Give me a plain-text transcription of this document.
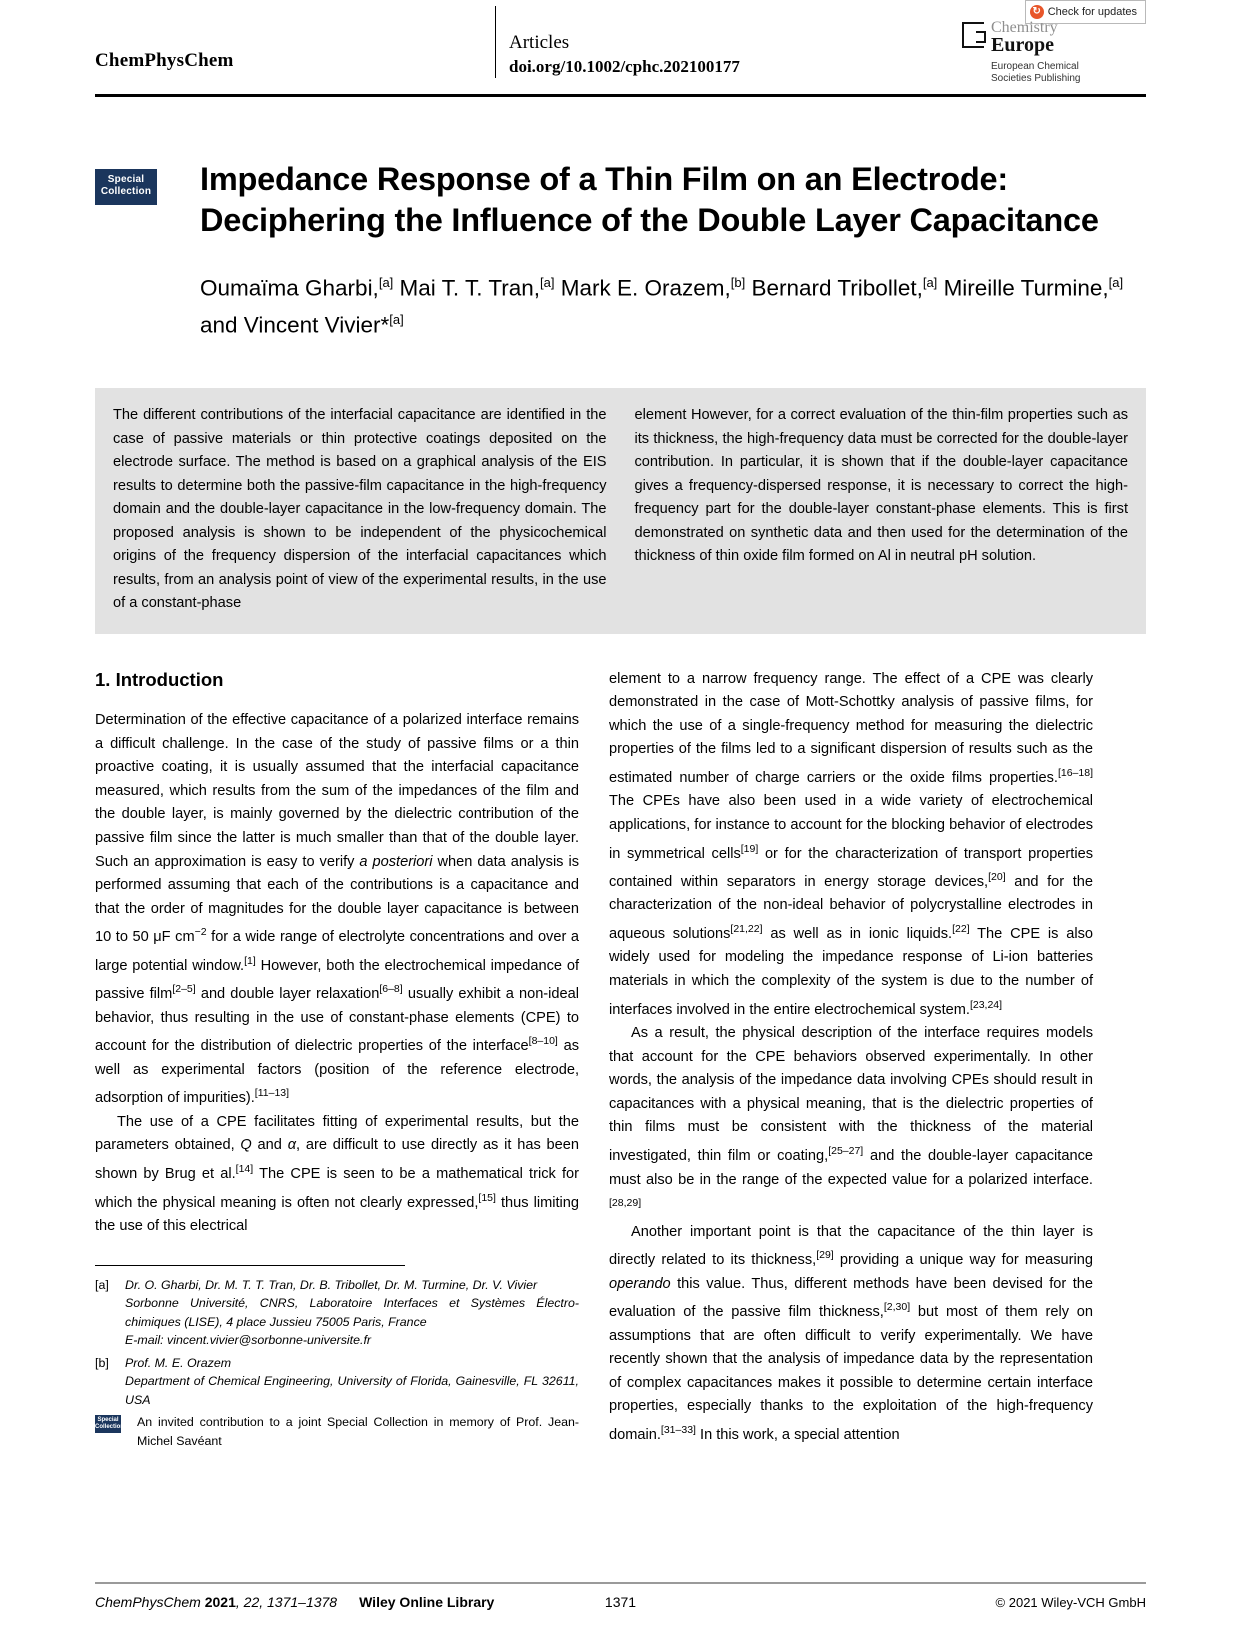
ChemPhysChem
Articles
doi.org/10.1002/cphc.202100177
↻ Check for updates
Chemistry
Europe
European Chemical
Societies Publishing
Special
Collection Impedance Response of a Thin Film on an Electrode:
Deciphering the Influence of the Double Layer Capacitance
Oumaïma Gharbi,[a] Mai T. T. Tran,[a] Mark E. Orazem,[b] Bernard Tribollet,[a] Mireille Turmine,[a] and Vincent Vivier*[a]
The different contributions of the interfacial capacitance are identified in the case of passive materials or thin protective coatings deposited on the electrode surface. The method is based on a graphical analysis of the EIS results to determine both the passive-film capacitance in the high-frequency domain and the double-layer capacitance in the low-frequency domain. The proposed analysis is shown to be independent of the physicochemical origins of the frequency dispersion of the interfacial capacitances which results, from an analysis point of view of the experimental results, in the use of a constant-phase
element However, for a correct evaluation of the thin-film properties such as its thickness, the high-frequency data must be corrected for the double-layer contribution. In particular, it is shown that if the double-layer capacitance gives a frequency-dispersed response, it is necessary to correct the high-frequency part for the double-layer constant-phase elements. This is first demonstrated on synthetic data and then used for the determination of the thickness of thin oxide film formed on Al in neutral pH solution.
1. Introduction

Determination of the effective capacitance of a polarized interface remains a difficult challenge. In the case of the study of passive films or a thin proactive coating, it is usually assumed that the interfacial capacitance measured, which results from the sum of the impedances of the film and the double layer, is mainly governed by the dielectric contribution of the passive film since the latter is much smaller than that of the double layer. Such an approximation is easy to verify a posteriori when data analysis is performed assuming that each of the contributions is a capacitance and that the order of magnitudes for the double layer capacitance is between 10 to 50 μF $cm^{-2}$ for a wide range of electrolyte concentrations and over a large potential window.[1] However, both the electrochemical impedance of passive film[2–5] and double layer relaxation[6–8] usually exhibit a non-ideal behavior, thus resulting in the use of constant-phase elements (CPE) to account for the distribution of dielectric properties of the interface[8–10] as well as experimental factors (position of the reference electrode, adsorption of impurities).[11–13]

The use of a CPE facilitates fitting of experimental results, but the parameters obtained, Q and α, are difficult to use directly as it has been shown by Brug et al.[14] The CPE is seen to be a mathematical trick for which the physical meaning is often not clearly expressed,[15] thus limiting the use of this electrical

[a]	Dr. O. Gharbi, Dr. M. T. T. Tran, Dr. B. Tribollet, Dr. M. Turmine, Dr. V. Vivier
Sorbonne Université, CNRS, Laboratoire Interfaces et Systèmes Électro-chimiques (LISE), 4 place Jussieu 75005 Paris, France
E-mail: vincent.vivier@sorbonne-universite.fr
[b]	Prof. M. E. Orazem
Department of Chemical Engineering, University of Florida, Gainesville, FL 32611, USA
Special
Collection An invited contribution to a joint Special Collection in memory of Prof. Jean-Michel Savéant

element to a narrow frequency range. The effect of a CPE was clearly demonstrated in the case of Mott-Schottky analysis of passive films, for which the use of a single-frequency method for measuring the dielectric properties of the films led to a significant dispersion of results such as the estimated number of charge carriers or the oxide films properties.[16–18] The CPEs have also been used in a wide variety of electrochemical applications, for instance to account for the blocking behavior of electrodes in symmetrical cells[19] or for the characterization of transport properties contained within separators in energy storage devices,[20] and for the characterization of the non-ideal behavior of polycrystalline electrodes in aqueous solutions[21,22] as well as in ionic liquids.[22] The CPE is also widely used for modeling the impedance response of Li-ion batteries materials in which the complexity of the system is due to the number of interfaces involved in the entire electrochemical system.[23,24]

As a result, the physical description of the interface requires models that account for the CPE behaviors observed experimentally. In other words, the analysis of the impedance data involving CPEs should result in capacitances with a physical meaning, that is the dielectric properties of thin films must be consistent with the thickness of the material investigated, thin film or coating,[25–27] and the double-layer capacitance must also be in the range of the expected value for a polarized interface.[28,29]

Another important point is that the capacitance of the thin layer is directly related to its thickness,[29] providing a unique way for measuring operando this value. Thus, different methods have been devised for the evaluation of the passive film thickness,[2,30] but most of them rely on assumptions that are often difficult to verify experimentally. We have recently shown that the analysis of impedance data by the representation of complex capacitances makes it possible to determine certain interface properties, especially thanks to the exploitation of the high-frequency domain.[31–33] In this work, a special attention

ChemPhysChem 2021, 22, 1371–1378 Wiley Online Library	1371	© 2021 Wiley-VCH GmbH
